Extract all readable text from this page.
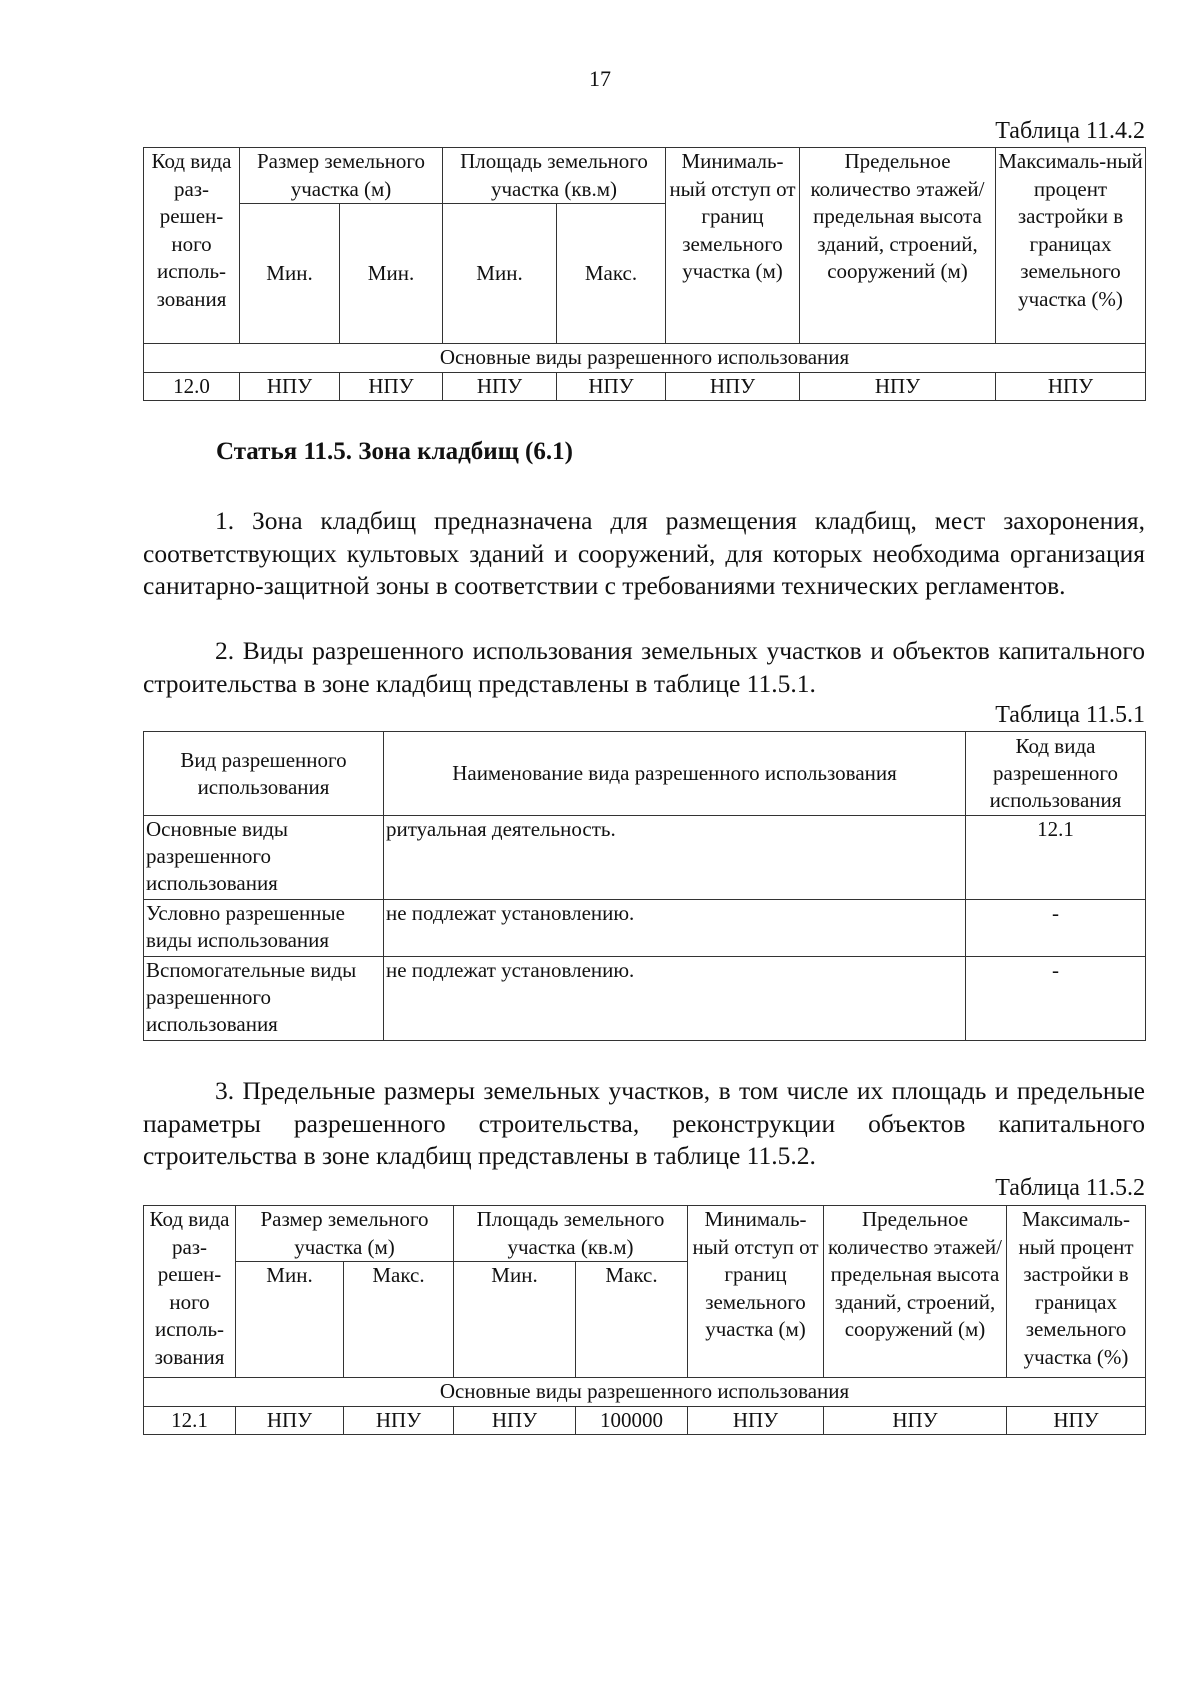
17
Таблица 11.4.2
Код вида раз-решен-ного исполь-зования	Размер земельного участка (м)		Площадь земельного участка (кв.м)		Минималь-ный отступ от границ земельного участка (м)	Предельное количество этажей/ предельная высота зданий, строений, сооружений (м)	Максималь-ный процент застройки в границах земельного участка (%)
	Мин.	Мин.	Мин.	Макс.			
Основные виды разрешенного использования							
12.0	НПУ	НПУ	НПУ	НПУ	НПУ	НПУ	НПУ
Статья 11.5. Зона кладбищ (6.1)
1. Зона кладбищ предназначена для размещения кладбищ, мест захоронения, соответствующих культовых зданий и сооружений, для которых необходима организация санитарно-защитной зоны в соответствии с требованиями технических регламентов.
2. Виды разрешенного использования земельных участков и объектов капитального строительства в зоне кладбищ представлены в таблице 11.5.1.
Таблица 11.5.1
Вид разрешенного использования	Наименование вида разрешенного использования	Код вида разрешенного использования
Основные виды разрешенного использования	ритуальная деятельность.	12.1
Условно разрешенные виды использования	не подлежат установлению.	-
Вспомогательные виды разрешенного использования	не подлежат установлению.	-
3. Предельные размеры земельных участков, в том числе их площадь и предельные параметры разрешенного строительства, реконструкции объектов капитального строительства в зоне кладбищ представлены в таблице 11.5.2.
Таблица 11.5.2
Код вида раз-решен-ного исполь-зования	Размер земельного участка (м)		Площадь земельного участка (кв.м)		Минималь-ный отступ от границ земельного участка (м)	Предельное количество этажей/ предельная высота зданий, строений, сооружений (м)	Максималь-ный процент застройки в границах земельного участка (%)
	Мин.	Макс.	Мин.	Макс.			
Основные виды разрешенного использования							
12.1	НПУ	НПУ	НПУ	100000	НПУ	НПУ	НПУ
